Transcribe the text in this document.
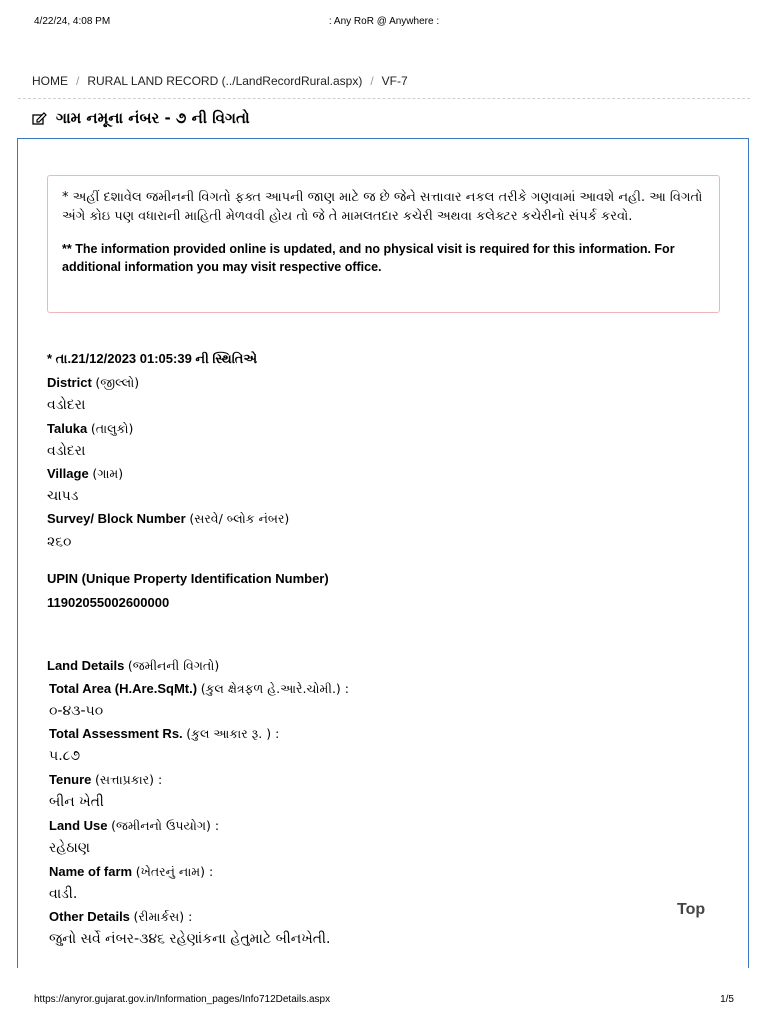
4/22/24, 4:08 PM	: Any RoR @ Anywhere :
HOME / RURAL LAND RECORD (../LandRecordRural.aspx) / VF-7
ગામ નમૂના નંબર - ૭ ની વિગતો
* અહીં દશાવેલ જમીનની વિગતો ફક્ત આપની જાણ માટે જ છે જેને સત્તાવાર નકલ તરીકે ગણવામાં આવશે નહી. આ વિગતો અંગે કોઇ પણ વધારાની માહિતી મેળવવી હોય તો જે તે મામલતદાર કચેરી અથવા કલેક્ટર કચેરીનો સંપર્ક કરવો.
** The information provided online is updated, and no physical visit is required for this information. For additional information you may visit respective office.
* તા.21/12/2023 01:05:39 ની સ્થિતિએ
District (જીલ્લો)
વડોદરા
Taluka (તાલુકો)
વડોદરા
Village (ગામ)
ચાપડ
Survey/ Block Number (સરવે/ બ્લોક નંબર)
૨૬૦
UPIN (Unique Property Identification Number)
11902055002600000
Land Details (જમીનની વિગતો)
Total Area (H.Are.SqMt.) (કુલ ક્ષેત્રફળ હે.આરે.ચોમી.) :
૦-૪૩-૫૦
Total Assessment Rs. (કુલ આકાર રૂ. ) :
૫.૮૭
Tenure (સત્તાપ્રકાર) :
બીન ખેતી
Land Use (જમીનનો ઉપયોગ) :
રહેઠાણ
Name of farm (ખેતરનું નામ) :
વાડી.
Other Details (રીમાર્કસ) :
જુનો સર્વે નંબર-૩૪૬ રહેણાંકના હેતુમાટે બીનખેતી.
Top
https://anyror.gujarat.gov.in/Information_pages/Info712Details.aspx	1/5
